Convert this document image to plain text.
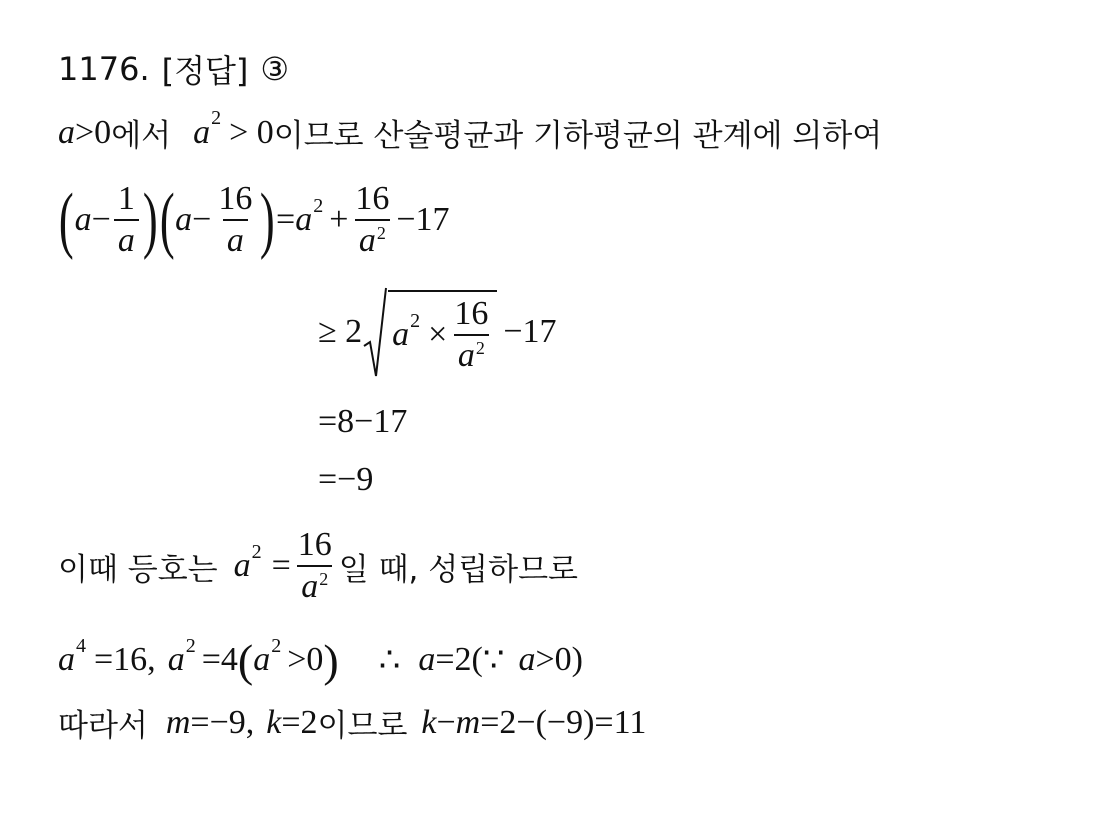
1176. [정답] ③
a >0 에서 a 2 > 0 이므로 산술평균과 기하평균의 관계에 의하여
( $a - \frac{1}{a}$ ) ( $a - \frac{16}{a}$ ) = a $2 + \frac{16}{a^2} -17$
≥ 2 a $2 \times \frac{16}{a^2} -17$
=8−17
=−9
이때 등호는 a $2 = \frac{16}{a^2}$ 일 때, 성립하므로
a 4 =16, a 2 =4 ( a 2 >0 ) ∴ a =2( ∵ a >0)
따라서 m =−9, k =2 이므로 k − m =2−(−9)=11
